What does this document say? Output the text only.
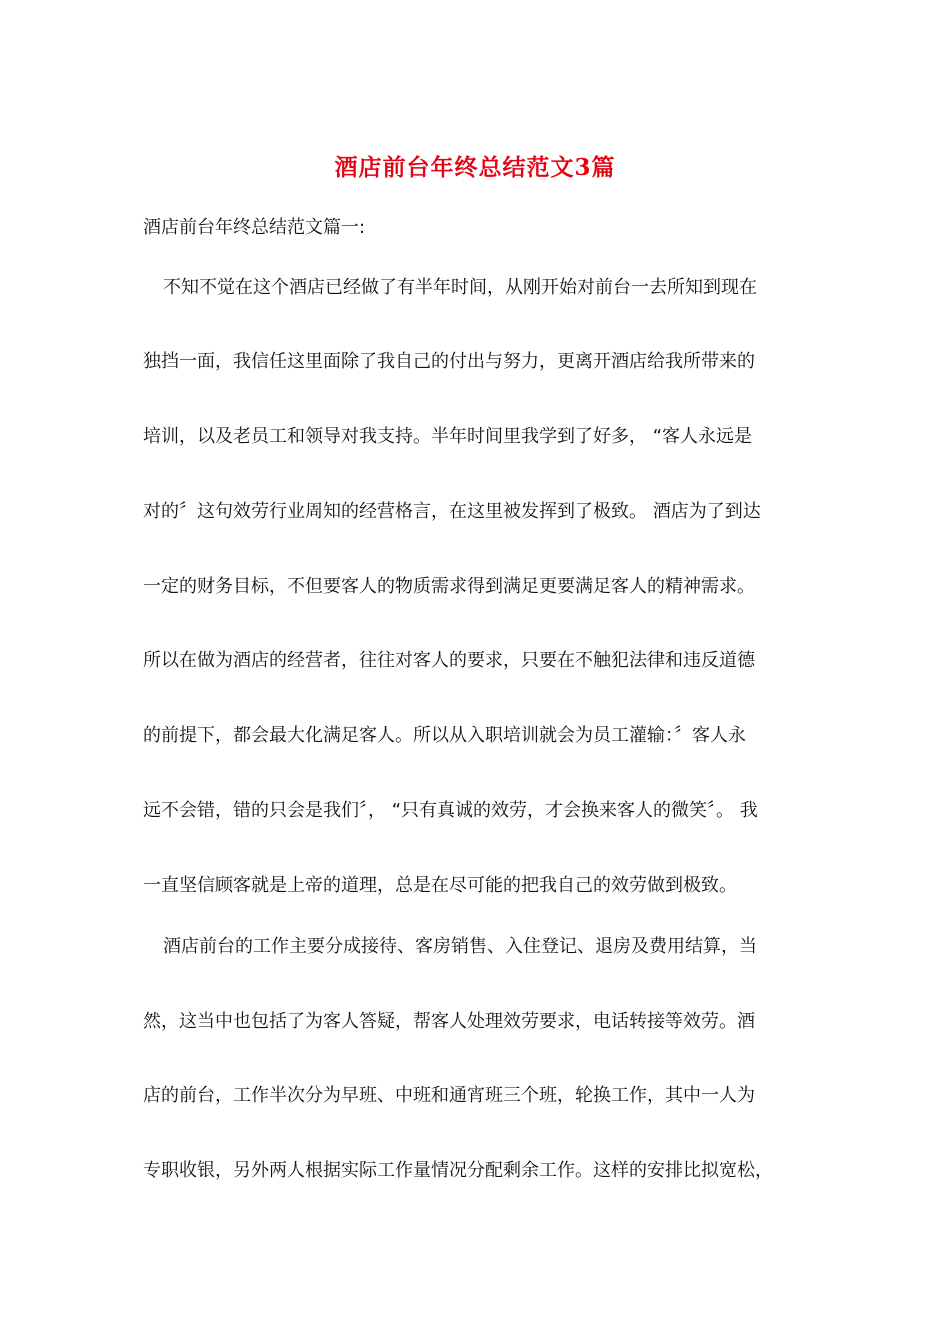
酒店前台年终总结范文3篇
酒店前台年终总结范文篇一:
不知不觉在这个酒店已经做了有半年时间，从刚开始对前台一去所知到现在
独挡一面，我信任这里面除了我自己的付出与努力，更离开酒店给我所带来的
培训，以及老员工和领导对我支持。半年时间里我学到了好多， “客人永远是
对的〞这句效劳行业周知的经营格言，在这里被发挥到了极致。 酒店为了到达
一定的财务目标，不但要客人的物质需求得到满足更要满足客人的精神需求。
所以在做为酒店的经营者，往往对客人的要求，只要在不触犯法律和违反道德
的前提下，都会最大化满足客人。所以从入职培训就会为员工灌输：〞客人永
远不会错，错的只会是我们〞， “只有真诚的效劳，才会换来客人的微笑〞。 我
一直坚信顾客就是上帝的道理，总是在尽可能的把我自己的效劳做到极致。
酒店前台的工作主要分成接待、客房销售、入住登记、退房及费用结算，当
然，这当中也包括了为客人答疑，帮客人处理效劳要求，电话转接等效劳。酒
店的前台，工作半次分为早班、中班和通宵班三个班，轮换工作，其中一人为
专职收银，另外两人根据实际工作量情况分配剩余工作。这样的安排比拟宽松，
